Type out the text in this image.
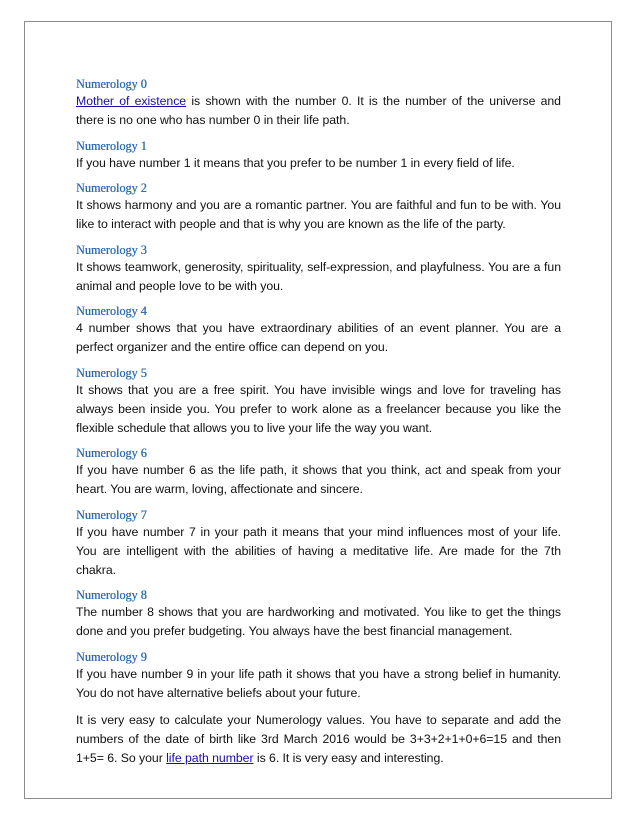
Numerology 0

Mother of existence is shown with the number 0. It is the number of the universe and there is no one who has number 0 in their life path.

Numerology 1

If you have number 1 it means that you prefer to be number 1 in every field of life.

Numerology 2

It shows harmony and you are a romantic partner. You are faithful and fun to be with. You like to interact with people and that is why you are known as the life of the party.

Numerology 3

It shows teamwork, generosity, spirituality, self-expression, and playfulness. You are a fun animal and people love to be with you.

Numerology 4

4 number shows that you have extraordinary abilities of an event planner. You are a perfect organizer and the entire office can depend on you.

Numerology 5

It shows that you are a free spirit. You have invisible wings and love for traveling has always been inside you. You prefer to work alone as a freelancer because you like the flexible schedule that allows you to live your life the way you want.

Numerology 6

If you have number 6 as the life path, it shows that you think, act and speak from your heart. You are warm, loving, affectionate and sincere.

Numerology 7

If you have number 7 in your path it means that your mind influences most of your life. You are intelligent with the abilities of having a meditative life. Are made for the 7th chakra.

Numerology 8

The number 8 shows that you are hardworking and motivated. You like to get the things done and you prefer budgeting. You always have the best financial management.

Numerology 9

If you have number 9 in your life path it shows that you have a strong belief in humanity. You do not have alternative beliefs about your future.

It is very easy to calculate your Numerology values. You have to separate and add the numbers of the date of birth like 3rd March 2016 would be 3+3+2+1+0+6=15 and then 1+5= 6. So your life path number is 6. It is very easy and interesting.
